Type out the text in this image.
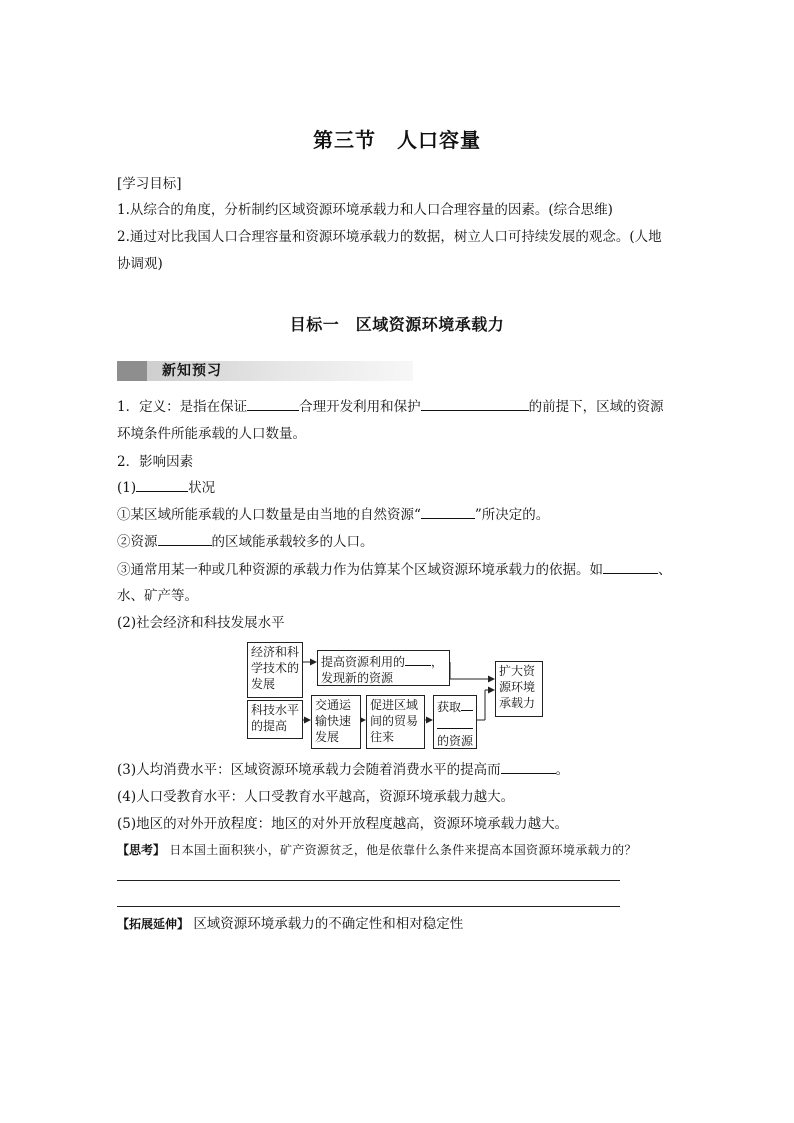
第三节　人口容量
[学习目标]
1.从综合的角度，分析制约区域资源环境承载力和人口合理容量的因素。(综合思维)
2.通过对比我国人口合理容量和资源环境承载力的数据，树立人口可持续发展的观念。(人地
协调观)
目标一　区域资源环境承载力
新知预习
1．定义：是指在保证	合理开发利用和保护	的前提下，区域的资源
环境条件所能承载的人口数量。
2．影响因素
(1)	状况
①某区域所能承载的人口数量是由当地的自然资源“	”所决定的。
②资源	的区域能承载较多的人口。
③通常用某一种或几种资源的承载力作为估算某个区域资源环境承载力的依据。如	、
水、矿产等。
(2)社会经济和科技发展水平
经济和科学技术的发展
提高资源利用的 ，
发现新的资源	扩大资源环境承载力
科技水平的提高
交通运输快速发展
促进区域间的贸易往来
获取

的资源
(3)人均消费水平：区域资源环境承载力会随着消费水平的提高而	。
(4)人口受教育水平：人口受教育水平越高，资源环境承载力越大。
(5)地区的对外开放程度：地区的对外开放程度越高，资源环境承载力越大。
【思考】 日本国土面积狭小，矿产资源贫乏，他是依靠什么条件来提高本国资源环境承载力的？
【拓展延伸】 区域资源环境承载力的不确定性和相对稳定性
